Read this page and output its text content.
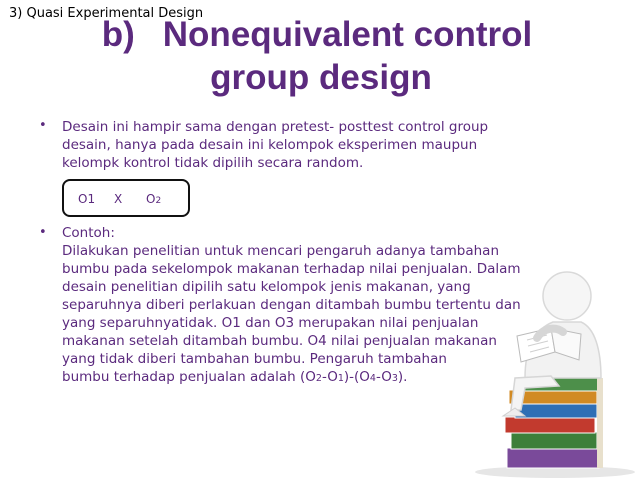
3) Quasi Experimental Design
b) Nonequivalent control
group design
• Desain ini hampir sama dengan pretest- posttest control group
desain, hanya pada desain ini kelompok eksperimen maupun
kelompk kontrol tidak dipilih secara random.
O1 X O2
• Contoh:
Dilakukan penelitian untuk mencari pengaruh adanya tambahan
bumbu pada sekelompok makanan terhadap nilai penjualan. Dalam
desain penelitian dipilih satu kelompok jenis makanan, yang
separuhnya diberi perlakuan dengan ditambah bumbu tertentu dan
yang separuhnyatidak. O1 dan O3 merupakan nilai penjualan
makanan setelah ditambah bumbu. O4 nilai penjualan makanan
yang tidak diberi tambahan bumbu. Pengaruh tambahan
bumbu terhadap penjualan adalah (O2-O1)-(O4-O3).
